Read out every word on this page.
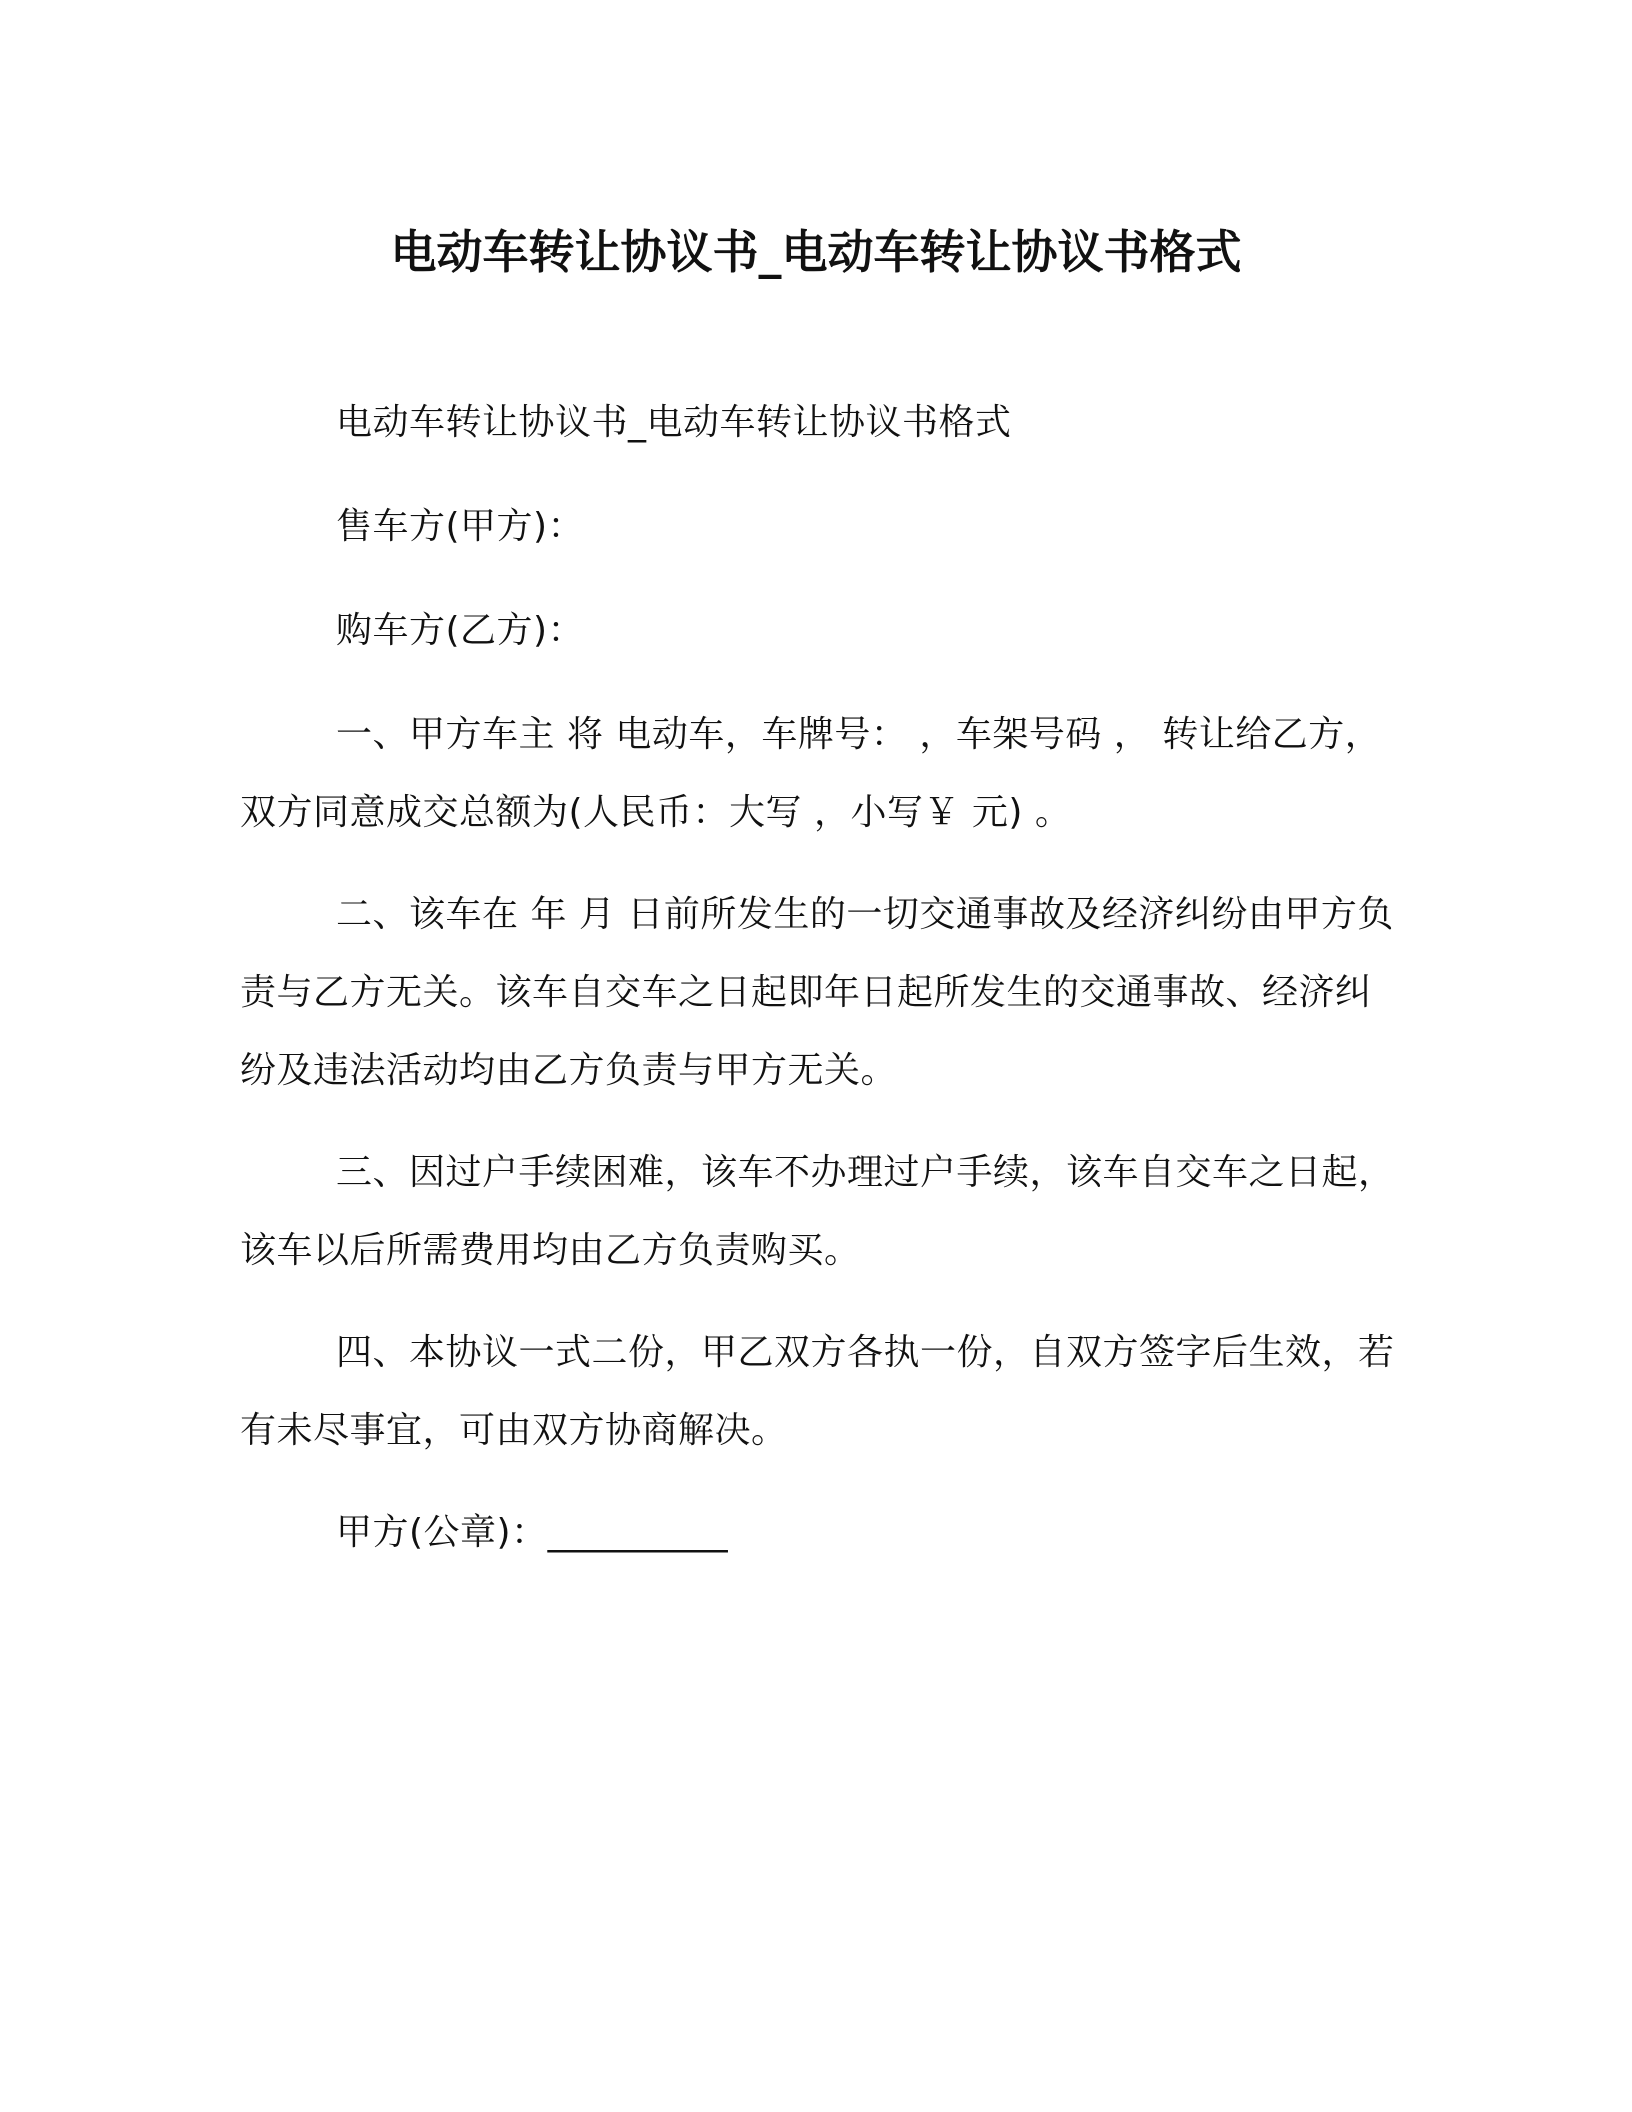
电动车转让协议书_电动车转让协议书格式
电动车转让协议书_电动车转让协议书格式
售车方(甲方)：
购车方(乙方)：
一、甲方车主 将 电动车，车牌号： ，车架号码 ， 转让给乙方，双方同意成交总额为(人民币：大写 ，小写￥ 元) 。
二、该车在 年 月 日前所发生的一切交通事故及经济纠纷由甲方负责与乙方无关。该车自交车之日起即年日起所发生的交通事故、经济纠纷及违法活动均由乙方负责与甲方无关。
三、因过户手续困难，该车不办理过户手续，该车自交车之日起，该车以后所需费用均由乙方负责购买。
四、本协议一式二份，甲乙双方各执一份，自双方签字后生效，若有未尽事宜，可由双方协商解决。
甲方(公章)：__________
